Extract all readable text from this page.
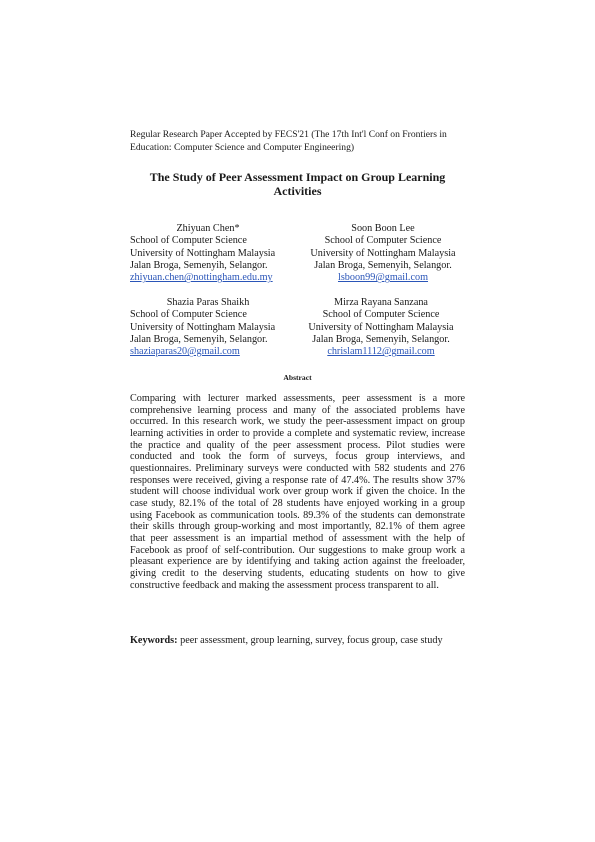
Regular Research Paper Accepted by FECS'21 (The 17th Int'l Conf on Frontiers in Education: Computer Science and Computer Engineering)
The Study of Peer Assessment Impact on Group Learning Activities
Zhiyuan Chen*
School of Computer Science
University of Nottingham Malaysia
Jalan Broga, Semenyih, Selangor.
zhiyuan.chen@nottingham.edu.my
Soon Boon Lee
School of Computer Science
University of Nottingham Malaysia
Jalan Broga, Semenyih, Selangor.
lsboon99@gmail.com
Shazia Paras Shaikh
School of Computer Science
University of Nottingham Malaysia
Jalan Broga, Semenyih, Selangor.
shaziaparas20@gmail.com
Mirza Rayana Sanzana
School of Computer Science
University of Nottingham Malaysia
Jalan Broga, Semenyih, Selangor.
chrislam1112@gmail.com
Abstract
Comparing with lecturer marked assessments, peer assessment is a more comprehensive learning process and many of the associated problems have occurred. In this research work, we study the peer-assessment impact on group learning activities in order to provide a complete and systematic review, increase the practice and quality of the peer assessment process. Pilot studies were conducted and took the form of surveys, focus group interviews, and questionnaires. Preliminary surveys were conducted with 582 students and 276 responses were received, giving a response rate of 47.4%. The results show 37% student will choose individual work over group work if given the choice. In the case study, 82.1% of the total of 28 students have enjoyed working in a group using Facebook as communication tools. 89.3% of the students can demonstrate their skills through group-working and most importantly, 82.1% of them agree that peer assessment is an impartial method of assessment with the help of Facebook as proof of self-contribution. Our suggestions to make group work a pleasant experience are by identifying and taking action against the freeloader, giving credit to the deserving students, educating students on how to give constructive feedback and making the assessment process transparent to all.
Keywords: peer assessment, group learning, survey, focus group, case study
